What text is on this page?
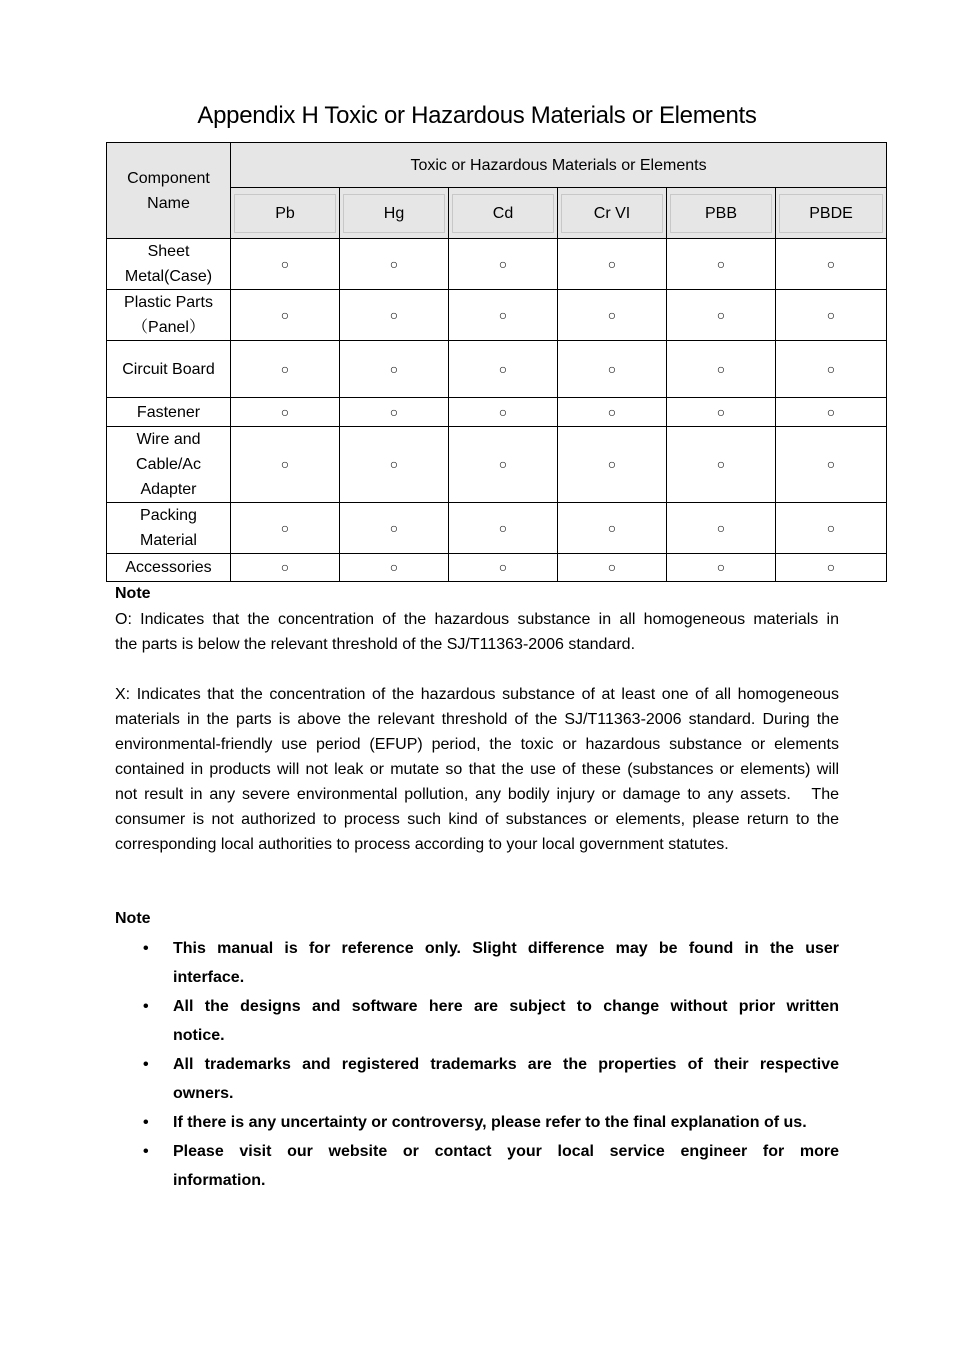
Appendix H Toxic or Hazardous Materials or Elements
Component
Name	Toxic or Hazardous Materials or Elements					

Pb	Hg	Cd	Cr VI	PBB	PBDE

Sheet
Metal(Case)	○	○	○	○	○	○

Plastic Parts
（Panel）	○	○	○	○	○	○

Circuit Board	○	○	○	○	○	○

Fastener	○	○	○	○	○	○

Wire and
Cable/Ac
Adapter	○	○	○	○	○	○

Packing
Material	○	○	○	○	○	○

Accessories	○	○	○	○	○	○
Note
O: Indicates that the concentration of the hazardous substance in all homogeneous materials in
the parts is below the relevant threshold of the SJ/T11363-2006 standard.
X: Indicates that the concentration of the hazardous substance of at least one of all homogeneous
materials in the parts is above the relevant threshold of the SJ/T11363-2006 standard. During the
environmental-friendly use period (EFUP) period, the toxic or hazardous substance or elements
contained in products will not leak or mutate so that the use of these (substances or elements) will
not result in any severe environmental pollution, any bodily injury or damage to any assets.   The
consumer is not authorized to process such kind of substances or elements, please return to the
corresponding local authorities to process according to your local government statutes.
Note
• This manual is for reference only. Slight difference may be found in the user
interface.
• All the designs and software here are subject to change without prior written
notice.
• All trademarks and registered trademarks are the properties of their respective
owners.
• If there is any uncertainty or controversy, please refer to the final explanation of us.
• Please visit our website or contact your local service engineer for more
information.
